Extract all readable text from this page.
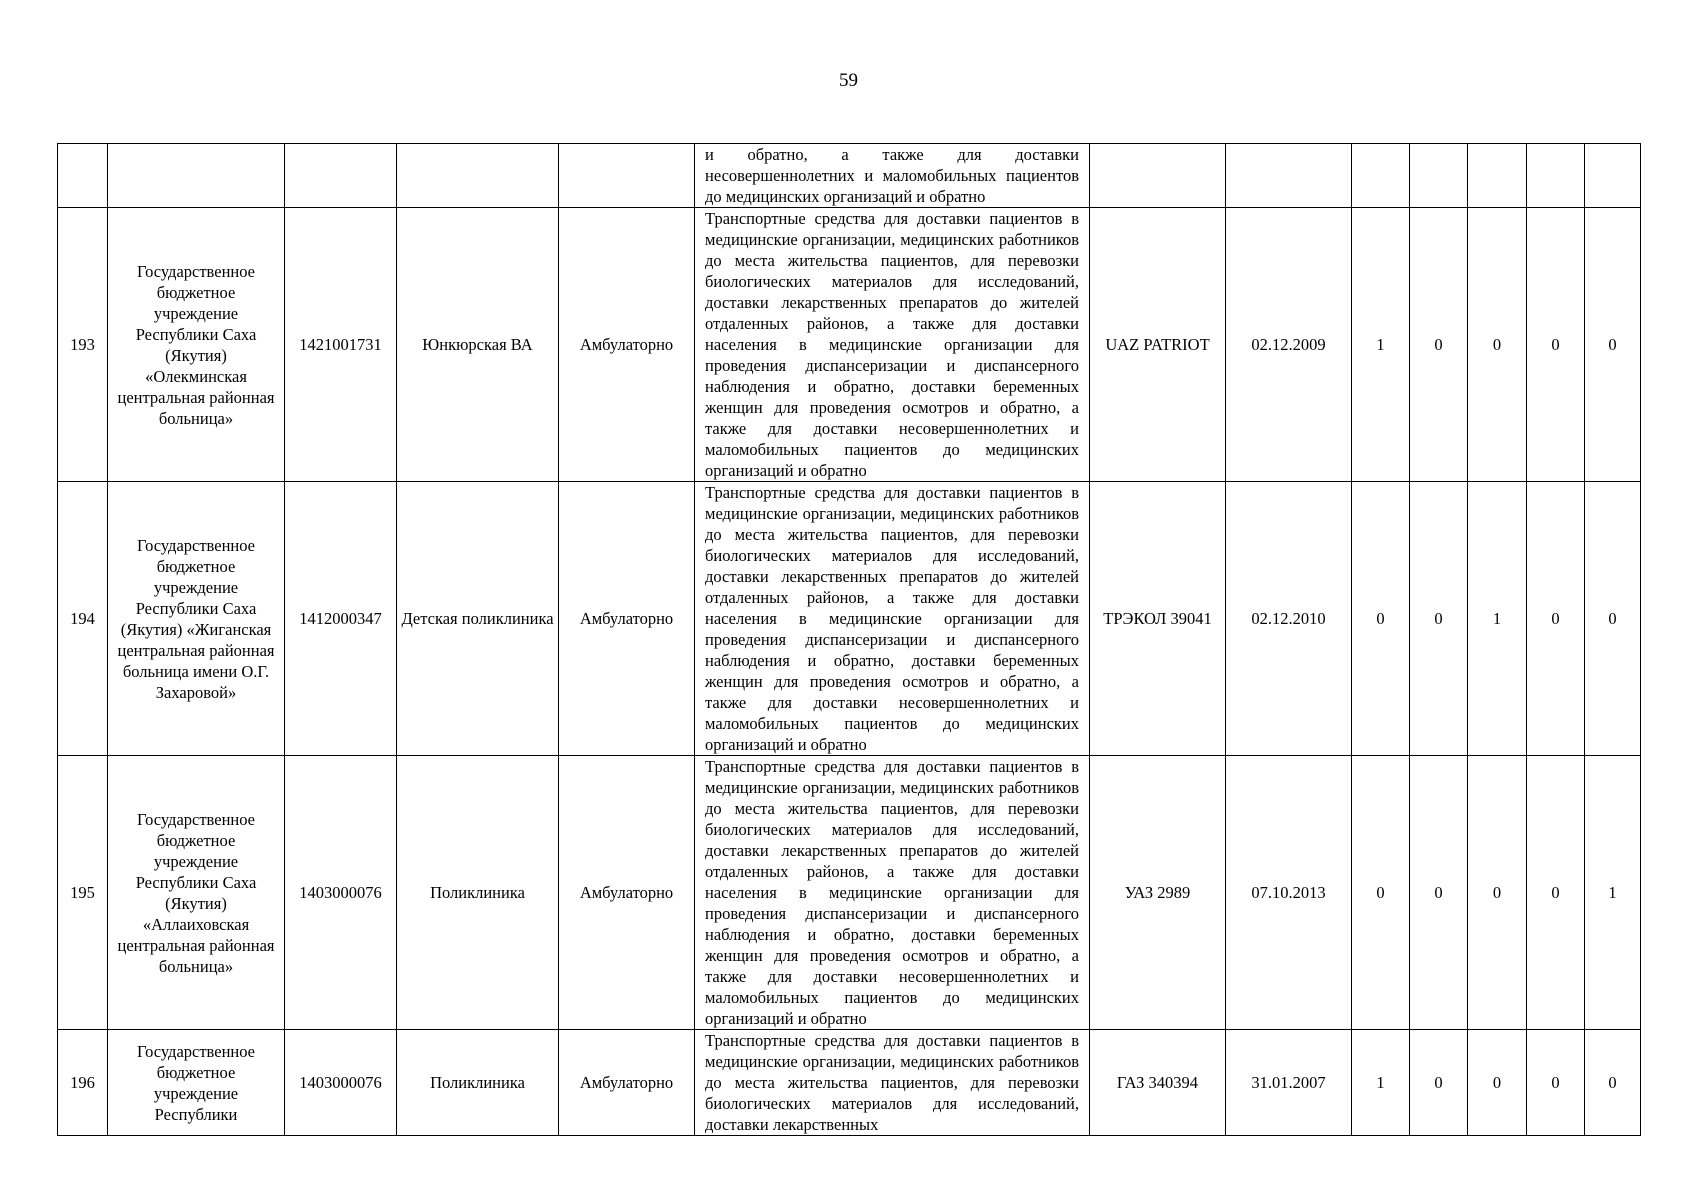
59
					и обратно, а также для доставки несовершеннолетних и маломобильных пациентов до медицинских организаций и обратно							
193	Государственное бюджетное учреждение Республики Саха (Якутия) «Олекминская центральная районная больница»	1421001731	Юнкюрская ВА	Амбулаторно	Транспортные средства для доставки пациентов в медицинские организации, медицинских работников до места жительства пациентов, для перевозки биологических материалов для исследований, доставки лекарственных препаратов до жителей отдаленных районов, а также для доставки населения в медицинские организации для проведения диспансеризации и диспансерного наблюдения и обратно, доставки беременных женщин для проведения осмотров и обратно, а также для доставки несовершеннолетних и маломобильных пациентов до медицинских организаций и обратно	UAZ PATRIOT	02.12.2009	1	0	0	0	0
194	Государственное бюджетное учреждение Республики Саха (Якутия) «Жиганская центральная районная больница имени О.Г. Захаровой»	1412000347	Детская поликлиника	Амбулаторно	Транспортные средства для доставки пациентов в медицинские организации, медицинских работников до места жительства пациентов, для перевозки биологических материалов для исследований, доставки лекарственных препаратов до жителей отдаленных районов, а также для доставки населения в медицинские организации для проведения диспансеризации и диспансерного наблюдения и обратно, доставки беременных женщин для проведения осмотров и обратно, а также для доставки несовершеннолетних и маломобильных пациентов до медицинских организаций и обратно	ТРЭКОЛ 39041	02.12.2010	0	0	1	0	0
195	Государственное бюджетное учреждение Республики Саха (Якутия) «Аллаиховская центральная районная больница»	1403000076	Поликлиника	Амбулаторно	Транспортные средства для доставки пациентов в медицинские организации, медицинских работников до места жительства пациентов, для перевозки биологических материалов для исследований, доставки лекарственных препаратов до жителей отдаленных районов, а также для доставки населения в медицинские организации для проведения диспансеризации и диспансерного наблюдения и обратно, доставки беременных женщин для проведения осмотров и обратно, а также для доставки несовершеннолетних и маломобильных пациентов до медицинских организаций и обратно	УАЗ 2989	07.10.2013	0	0	0	0	1
196	Государственное бюджетное учреждение Республики	1403000076	Поликлиника	Амбулаторно	Транспортные средства для доставки пациентов в медицинские организации, медицинских работников до места жительства пациентов, для перевозки биологических материалов для исследований, доставки лекарственных	ГАЗ 340394	31.01.2007	1	0	0	0	0
